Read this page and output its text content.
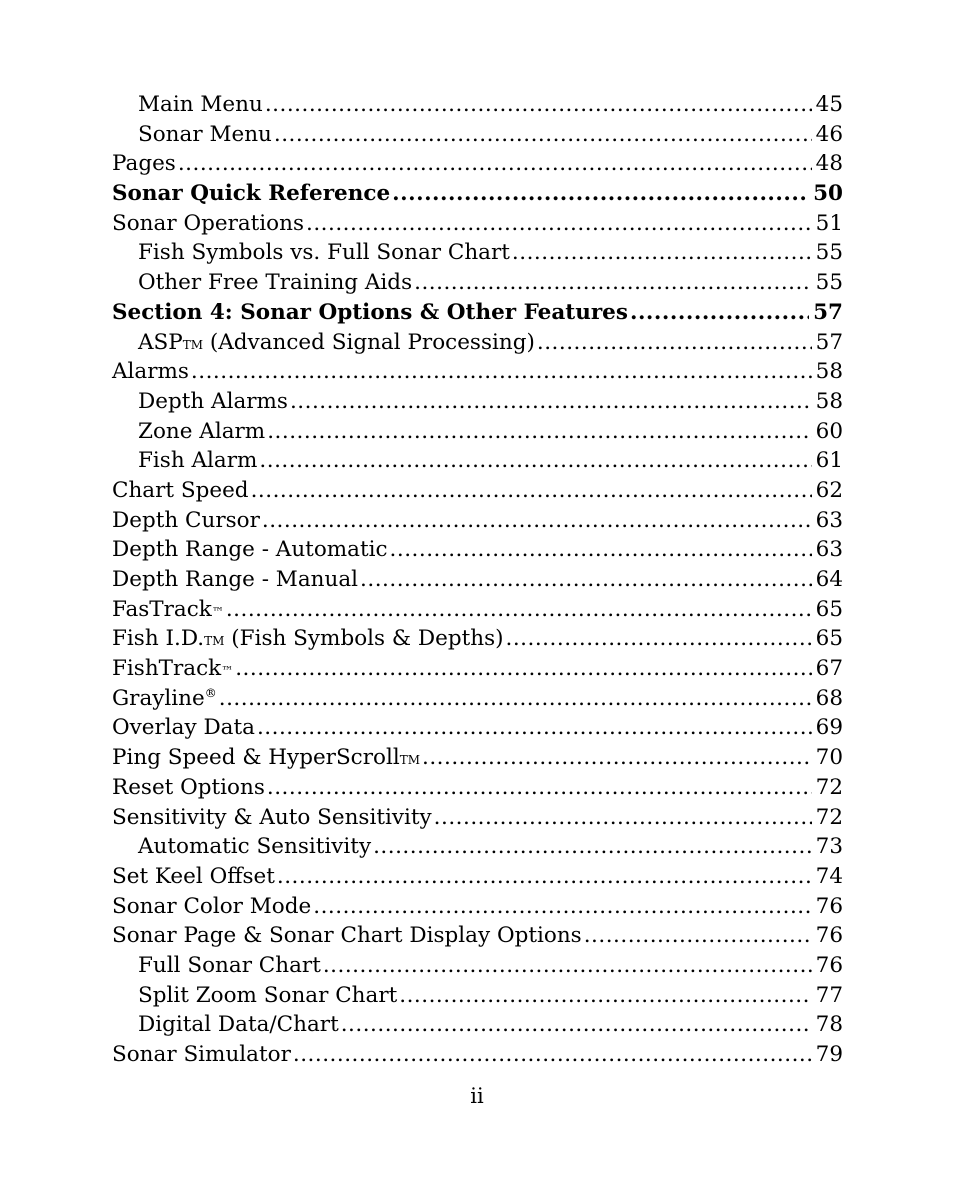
Main Menu .....	45
Sonar Menu .....	46
Pages .....	48
Sonar Quick Reference .....	50
Sonar Operations .....	51
Fish Symbols vs. Full Sonar Chart .....	55
Other Free Training Aids .....	55
Section 4: Sonar Options & Other Features .....	57
ASPTM (Advanced Signal Processing) .....	57
Alarms .....	58
Depth Alarms .....	58
Zone Alarm .....	60
Fish Alarm .....	61
Chart Speed .....	62
Depth Cursor .....	63
Depth Range - Automatic .....	63
Depth Range - Manual .....	64
FasTrack™ .....	65
Fish I.D.TM (Fish Symbols & Depths) .....	65
FishTrack™ .....	67
Grayline® .....	68
Overlay Data .....	69
Ping Speed & HyperScrollTM .....	70
Reset Options .....	72
Sensitivity & Auto Sensitivity .....	72
Automatic Sensitivity .....	73
Set Keel Offset .....	74
Sonar Color Mode .....	76
Sonar Page & Sonar Chart Display Options .....	76
Full Sonar Chart .....	76
Split Zoom Sonar Chart .....	77
Digital Data/Chart .....	78
Sonar Simulator .....	79
ii
